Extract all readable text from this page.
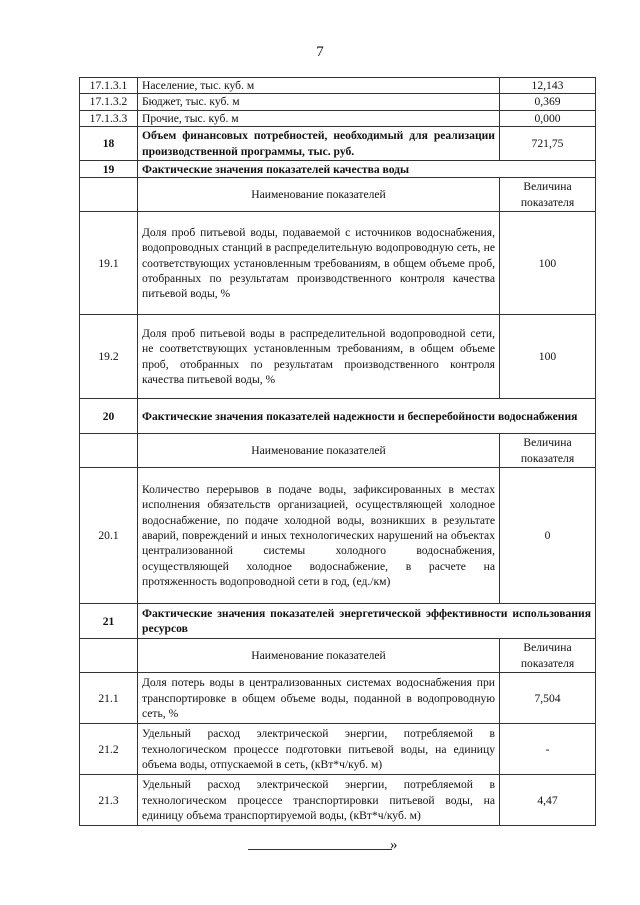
7
17.1.3.1	Население, тыс. куб. м	12,143
17.1.3.2	Бюджет, тыс. куб. м	0,369
17.1.3.3	Прочие, тыс. куб. м	0,000
18	Объем финансовых потребностей, необходимый для реализации производственной программы, тыс. руб.	721,75
19	Фактические значения показателей качества воды	
	Наименование показателей	Величина показателя
19.1	Доля проб питьевой воды, подаваемой с источников водоснабжения, водопроводных станций в распределительную водопроводную сеть, не соответствующих установленным требованиям, в общем объеме проб, отобранных по результатам производственного контроля качества питьевой воды, %	100
19.2	Доля проб питьевой воды в распределительной водопроводной сети, не соответствующих установленным требованиям, в общем объеме проб, отобранных по результатам производственного контроля качества питьевой воды, %	100
20	Фактические значения показателей надежности и бесперебойности водоснабжения	
	Наименование показателей	Величина показателя
20.1	Количество перерывов в подаче воды, зафиксированных в местах исполнения обязательств организацией, осуществляющей холодное водоснабжение, по подаче холодной воды, возникших в результате аварий, повреждений и иных технологических нарушений на объектах централизованной системы холодного водоснабжения, осуществляющей холодное водоснабжение, в расчете на протяженность водопроводной сети в год, (ед./км)	0
21	Фактические значения показателей энергетической эффективности использования ресурсов	
	Наименование показателей	Величина показателя
21.1	Доля потерь воды в централизованных системах водоснабжения при транспортировке в общем объеме воды, поданной в водопроводную сеть, %	7,504
21.2	Удельный расход электрической энергии, потребляемой в технологическом процессе подготовки питьевой воды, на единицу объема воды, отпускаемой в сеть, (кВт*ч/куб. м)	-
21.3	Удельный расход электрической энергии, потребляемой в технологическом процессе транспортировки питьевой воды, на единицу объема транспортируемой воды, (кВт*ч/куб. м)	4,47
»
